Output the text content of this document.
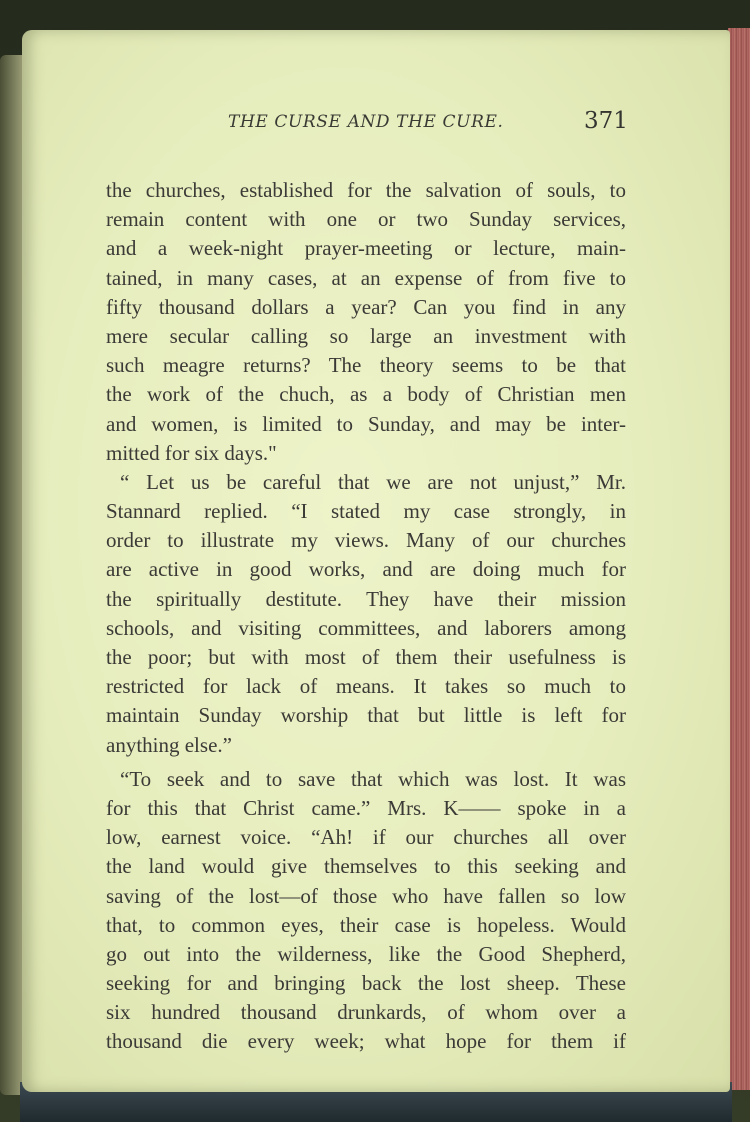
THE CURSE AND THE CURE.	371
the churches, established for the salvation of souls, to
remain content with one or two Sunday services,
and a week-night prayer-meeting or lecture, main-
tained, in many cases, at an expense of from five to
fifty thousand dollars a year? Can you find in any
mere secular calling so large an investment with
such meagre returns? The theory seems to be that
the work of the chuch, as a body of Christian men
and women, is limited to Sunday, and may be inter-
mitted for six days."
“ Let us be careful that we are not unjust,” Mr.
Stannard replied. “I stated my case strongly, in
order to illustrate my views. Many of our churches
are active in good works, and are doing much for
the spiritually destitute. They have their mission
schools, and visiting committees, and laborers among
the poor; but with most of them their usefulness is
restricted for lack of means. It takes so much to
maintain Sunday worship that but little is left for
anything else.”
“To seek and to save that which was lost. It was
for this that Christ came.” Mrs. K—— spoke in a
low, earnest voice. “Ah! if our churches all over
the land would give themselves to this seeking and
saving of the lost—of those who have fallen so low
that, to common eyes, their case is hopeless. Would
go out into the wilderness, like the Good Shepherd,
seeking for and bringing back the lost sheep. These
six hundred thousand drunkards, of whom over a
thousand die every week; what hope for them if
